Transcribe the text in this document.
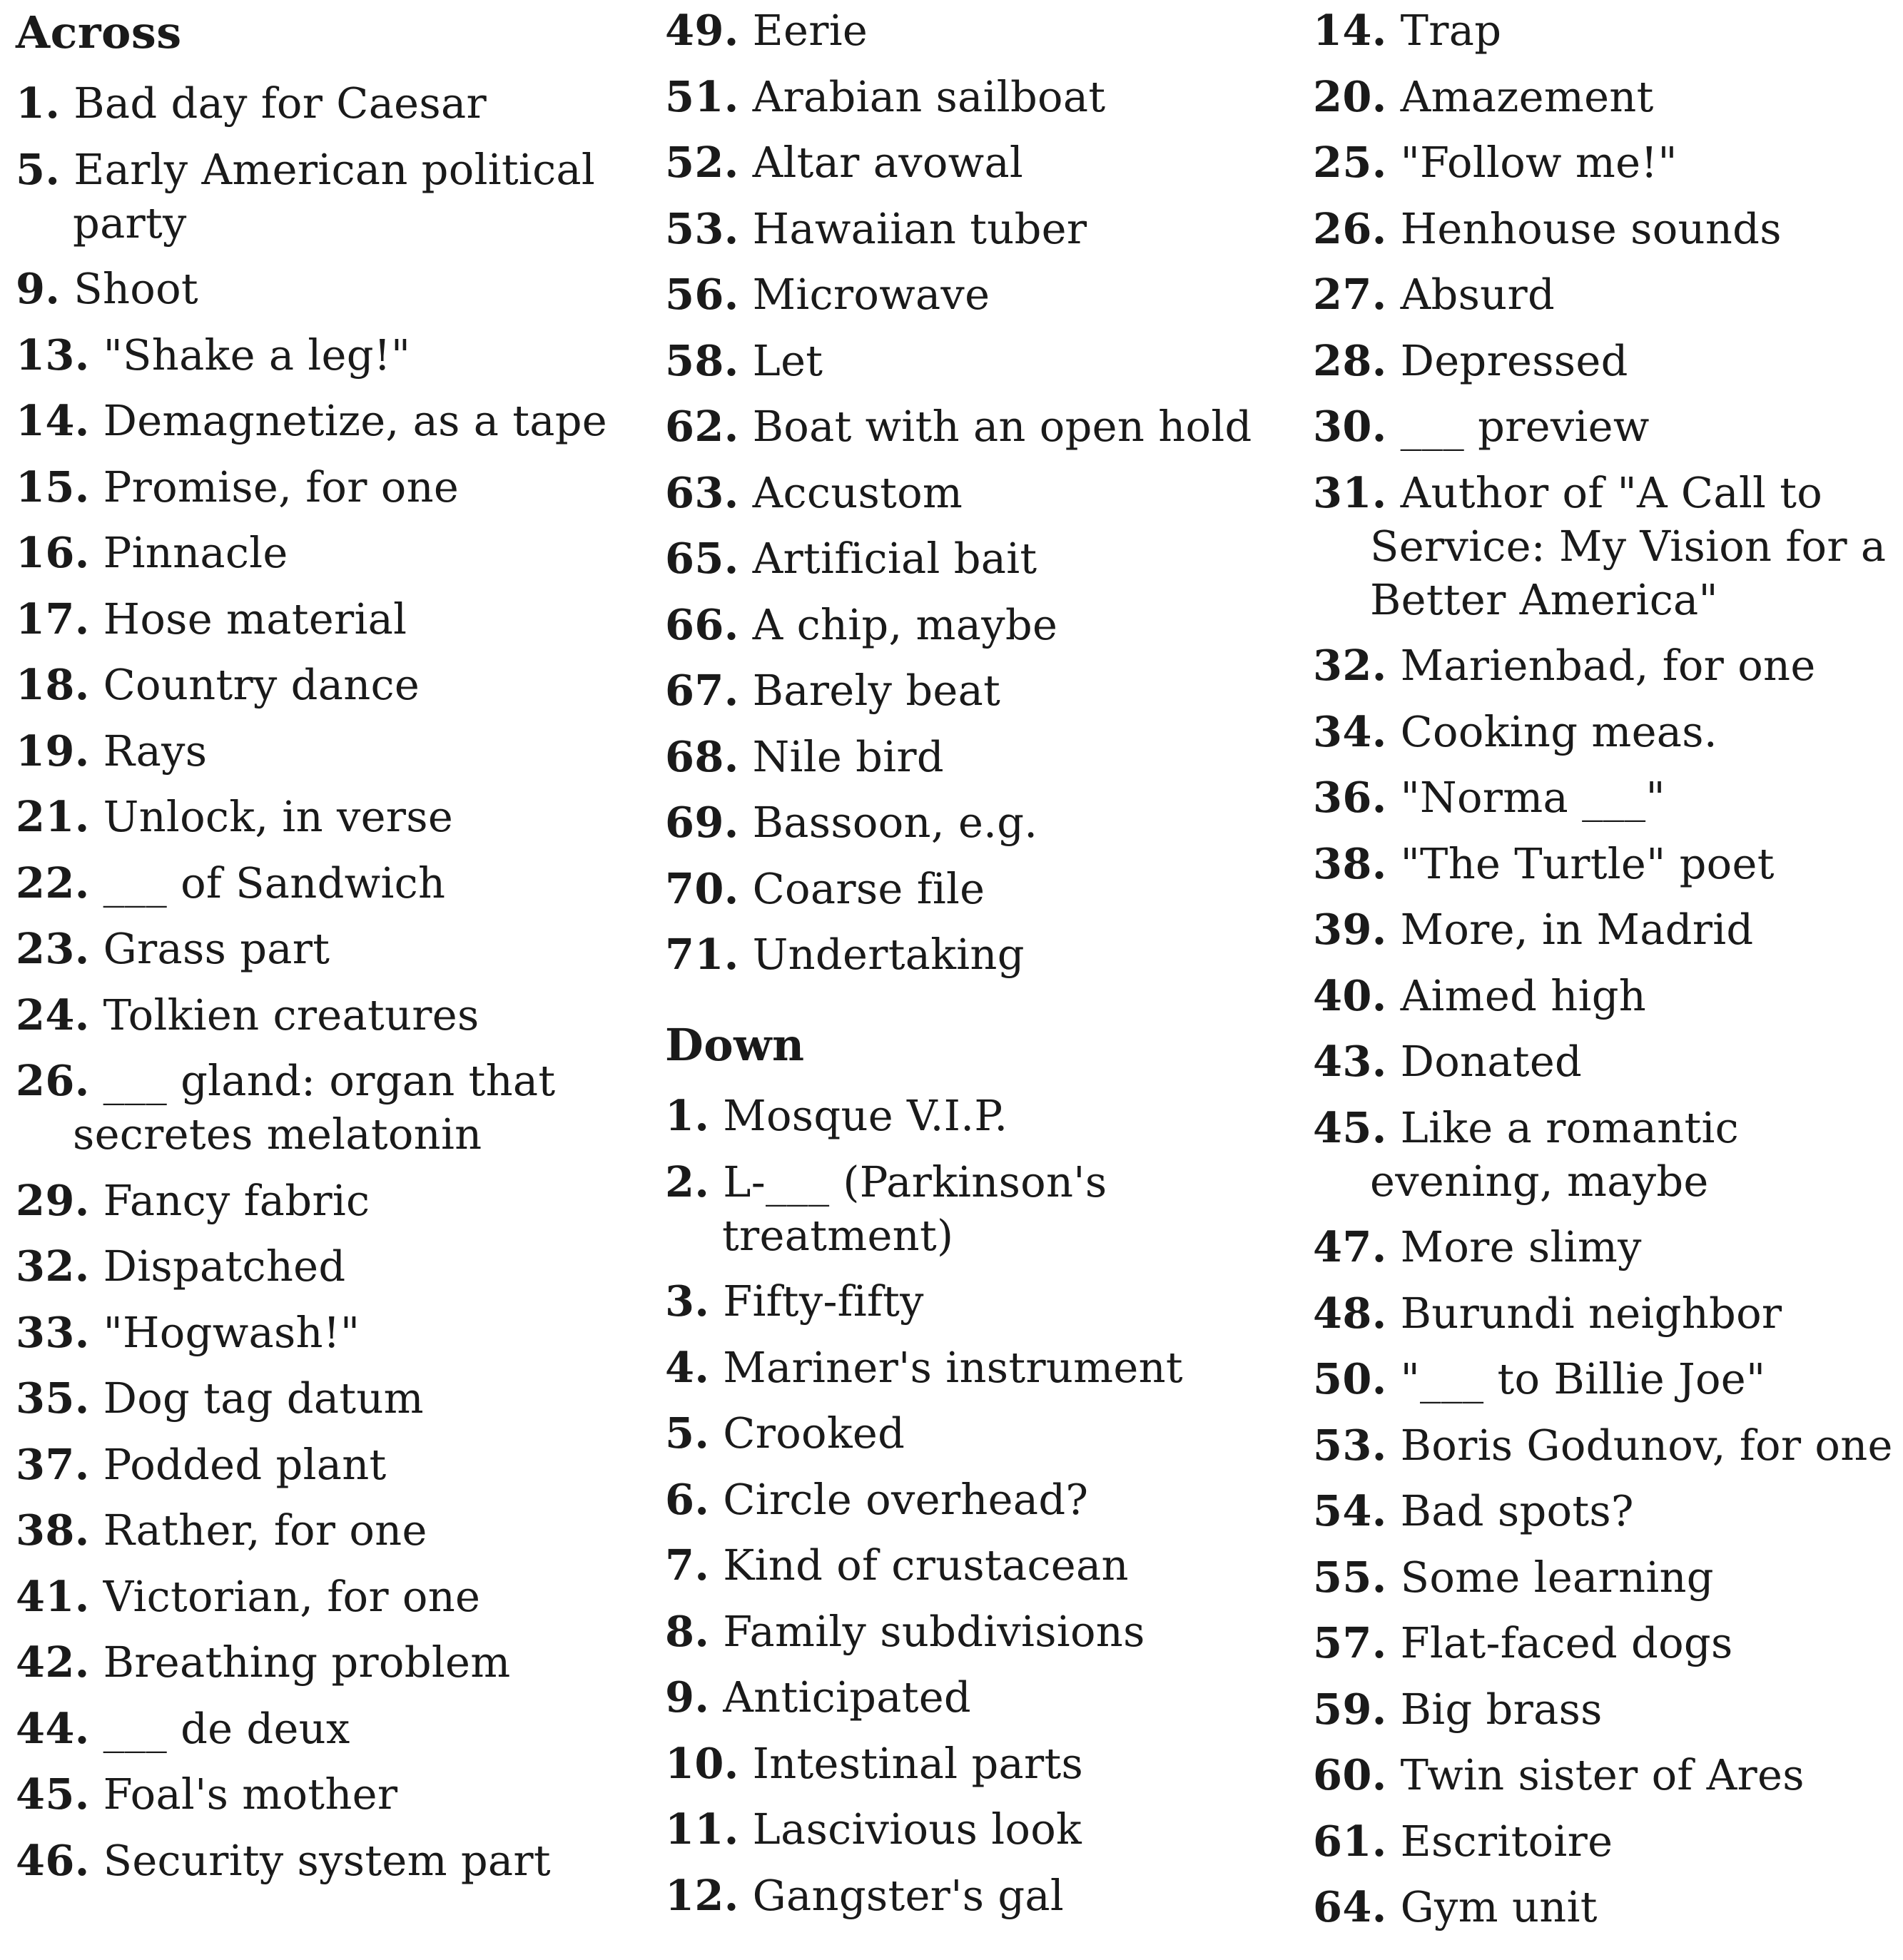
Across
1. Bad day for Caesar
5. Early American political party
9. Shoot
13. "Shake a leg!"
14. Demagnetize, as a tape
15. Promise, for one
16. Pinnacle
17. Hose material
18. Country dance
19. Rays
21. Unlock, in verse
22. ___ of Sandwich
23. Grass part
24. Tolkien creatures
26. ___ gland: organ that secretes melatonin
29. Fancy fabric
32. Dispatched
33. "Hogwash!"
35. Dog tag datum
37. Podded plant
38. Rather, for one
41. Victorian, for one
42. Breathing problem
44. ___ de deux
45. Foal's mother
46. Security system part
49. Eerie
51. Arabian sailboat
52. Altar avowal
53. Hawaiian tuber
56. Microwave
58. Let
62. Boat with an open hold
63. Accustom
65. Artificial bait
66. A chip, maybe
67. Barely beat
68. Nile bird
69. Bassoon, e.g.
70. Coarse file
71. Undertaking
Down
1. Mosque V.I.P.
2. L-___ (Parkinson's treatment)
3. Fifty-fifty
4. Mariner's instrument
5. Crooked
6. Circle overhead?
7. Kind of crustacean
8. Family subdivisions
9. Anticipated
10. Intestinal parts
11. Lascivious look
12. Gangster's gal
14. Trap
20. Amazement
25. "Follow me!"
26. Henhouse sounds
27. Absurd
28. Depressed
30. ___ preview
31. Author of "A Call to Service: My Vision for a Better America"
32. Marienbad, for one
34. Cooking meas.
36. "Norma ___"
38. "The Turtle" poet
39. More, in Madrid
40. Aimed high
43. Donated
45. Like a romantic evening, maybe
47. More slimy
48. Burundi neighbor
50. "___ to Billie Joe"
53. Boris Godunov, for one
54. Bad spots?
55. Some learning
57. Flat-faced dogs
59. Big brass
60. Twin sister of Ares
61. Escritoire
64. Gym unit
